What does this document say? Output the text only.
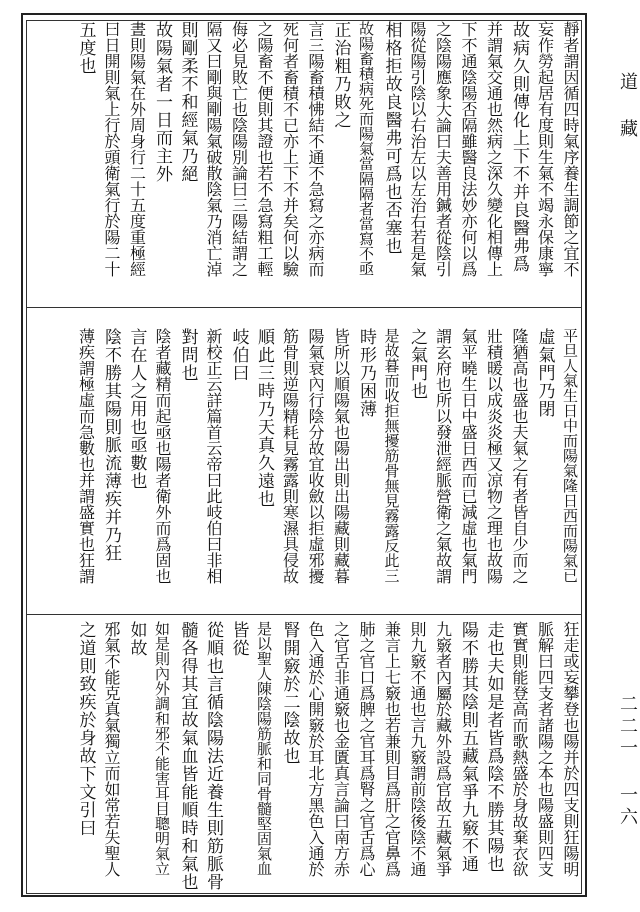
道 藏
二二一 一六
靜者謂因循四時氣序養生調節之宜不
妄作勞起居有度則生氣不竭永保康寧
故病久則傳化上下不并良醫弗爲
并謂氣交通也然病之深久變化相傳上
下不通陰陽否隔雖醫良法妙亦何以爲
之陰陽應象大論曰夫善用鍼者從陰引
陽從陽引陰以右治左以左治右若是氣
相格拒故良醫弗可爲也否塞也
故陽畜積病死而陽氣當隔隔者當寫不亟
正治粗乃敗之
言三陽畜積怫結不通不急寫之亦病而
死何者畜積不已亦上下不并矣何以驗
之陽畜不便則其證也若不急寫粗工輕
侮必見敗亡也陰陽別論曰三陽結謂之
隔又曰剛與剛陽氣破散陰氣乃消亡淖
則剛柔不和經氣乃絕
故陽氣者一日而主外
晝則陽氣在外周身行二十五度重極經
曰日開則氣上行於頭衛氣行於陽二十
五度也
平旦人氣生日中而陽氣隆日西而陽氣已
虛氣門乃閉
隆猶高也盛也夫氣之有者皆自少而之
壯積暖以成炎炎極又凉物之理也故陽
氣平曉生日中盛日西而已減虛也氣門
謂玄府也所以發泄經脈營衛之氣故謂
之氣門也
是故暮而收拒無擾筋骨無見霧露反此三
時形乃困薄
皆所以順陽氣也陽出則出陽藏則藏暮
陽氣衰內行陰分故宜收斂以拒虛邪擾
筋骨則逆陽精耗見霧露則寒濕具侵故
順此三時乃天真久遠也
岐伯曰
新校正云詳篇首云帝曰此岐伯曰非相
對問也
陰者藏精而起亟也陽者衛外而爲固也
言在人之用也亟數也
陰不勝其陽則脈流薄疾并乃狂
薄疾謂極虛而急數也并謂盛實也狂謂
狂走或妄攀登也陽并於四支則狂陽明
脈解曰四支者諸陽之本也陽盛則四支
實實則能登高而歌熱盛於身故棄衣欲
走也夫如是者皆爲陰不勝其陽也
陽不勝其陰則五藏氣爭九竅不通
九竅者內屬於藏外設爲官故五藏氣爭
則九竅不通也言九竅謂前陰後陰不通
兼言上七竅也若兼則目爲肝之官鼻爲
肺之官口爲脾之官耳爲腎之官舌爲心
之官舌非通竅也金匱真言論曰南方赤
色入通於心開竅於耳北方黑色入通於
腎開竅於二陰故也
是以聖人陳陰陽筋脈和同骨髓堅固氣血
皆從
從順也言循陰陽法近養生則筋脈骨
髓各得其宜故氣血皆能順時和氣也
如是則內外調和邪不能害耳目聰明氣立
如故
邪氣不能克真氣獨立而如常若失聖人
之道則致疾於身故下文引曰
